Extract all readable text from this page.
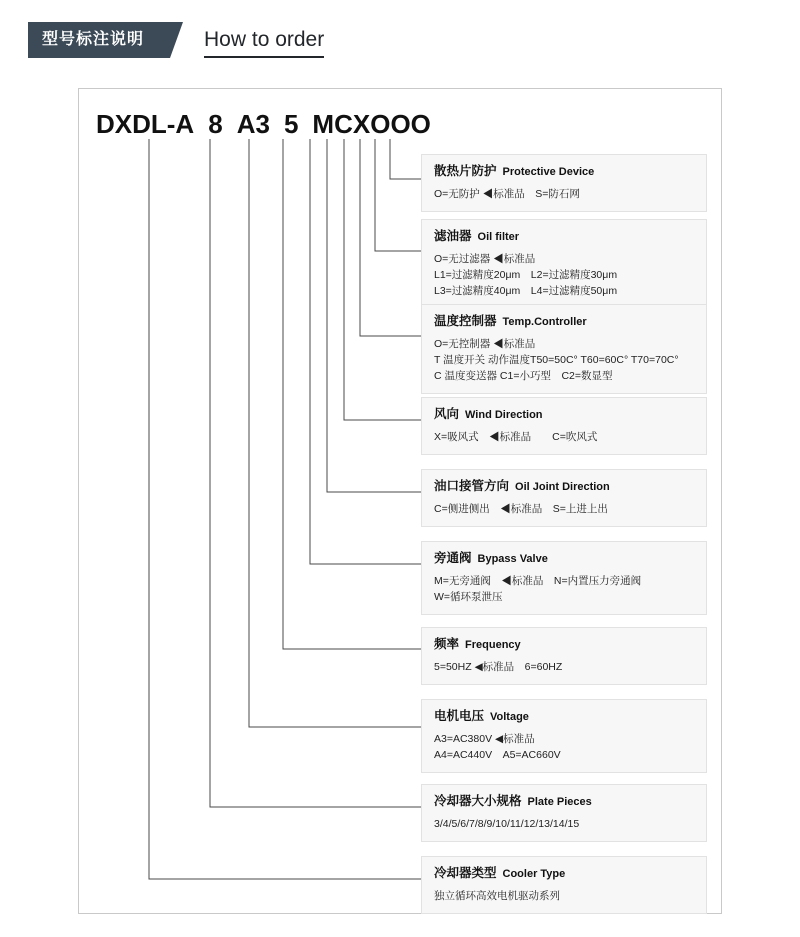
型号标注说明	How to order
DXDL-A 8 A3 5 MCXOOO
散热片防护 Protective Device
O=无防护 ◀标准品　S=防石网
滤油器 Oil filter
O=无过滤器 ◀标准品
L1=过滤精度20μm　L2=过滤精度30μm
L3=过滤精度40μm　L4=过滤精度50μm
温度控制器 Temp.Controller
O=无控制器 ◀标准品
T 温度开关 动作温度T50=50C° T60=60C° T70=70C°
C 温度变送器 C1=小巧型　C2=数显型
风向 Wind Direction
X=吸风式　◀标准品　　C=吹风式
油口接管方向 Oil Joint Direction
C=侧进侧出　◀标准品　S=上进上出
旁通阀 Bypass Valve
M=无旁通阀　◀标准品　N=内置压力旁通阀
W=循环泵泄压
频率 Frequency
5=50HZ ◀标准品　6=60HZ
电机电压 Voltage
A3=AC380V ◀标准品
A4=AC440V　A5=AC660V
冷却器大小规格 Plate Pieces
3/4/5/6/7/8/9/10/11/12/13/14/15
冷却器类型 Cooler Type
独立循环高效电机驱动系列
